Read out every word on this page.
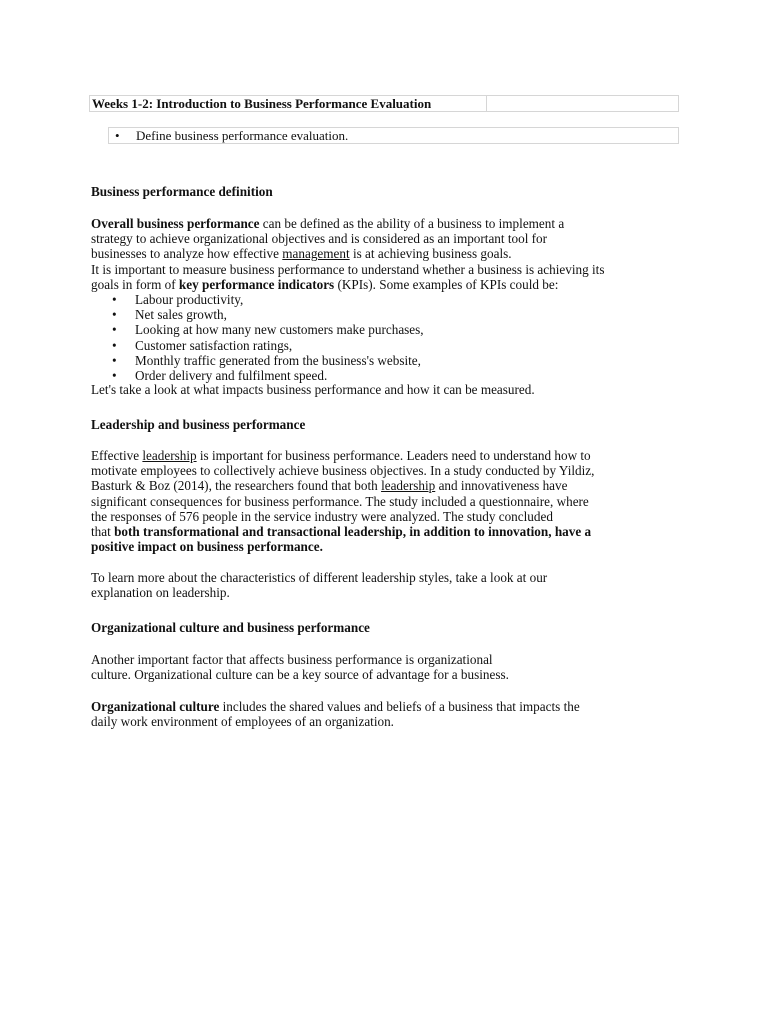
Weeks 1-2: Introduction to Business Performance Evaluation
• Define business performance evaluation.
Business performance definition
Overall business performance can be defined as the ability of a business to implement a
strategy to achieve organizational objectives and is considered as an important tool for
businesses to analyze how effective management is at achieving business goals.
It is important to measure business performance to understand whether a business is achieving its
goals in form of key performance indicators (KPIs). Some examples of KPIs could be:
• Labour productivity,
• Net sales growth,
• Looking at how many new customers make purchases,
• Customer satisfaction ratings,
• Monthly traffic generated from the business's website,
• Order delivery and fulfilment speed.
Let's take a look at what impacts business performance and how it can be measured.
Leadership and business performance
Effective leadership is important for business performance. Leaders need to understand how to
motivate employees to collectively achieve business objectives. In a study conducted by Yildiz,
Basturk & Boz (2014), the researchers found that both leadership and innovativeness have
significant consequences for business performance. The study included a questionnaire, where
the responses of 576 people in the service industry were analyzed. The study concluded
that both transformational and transactional leadership, in addition to innovation, have a
positive impact on business performance.
To learn more about the characteristics of different leadership styles, take a look at our
explanation on leadership.
Organizational culture and business performance
Another important factor that affects business performance is organizational
culture. Organizational culture can be a key source of advantage for a business.
Organizational culture includes the shared values and beliefs of a business that impacts the
daily work environment of employees of an organization.
